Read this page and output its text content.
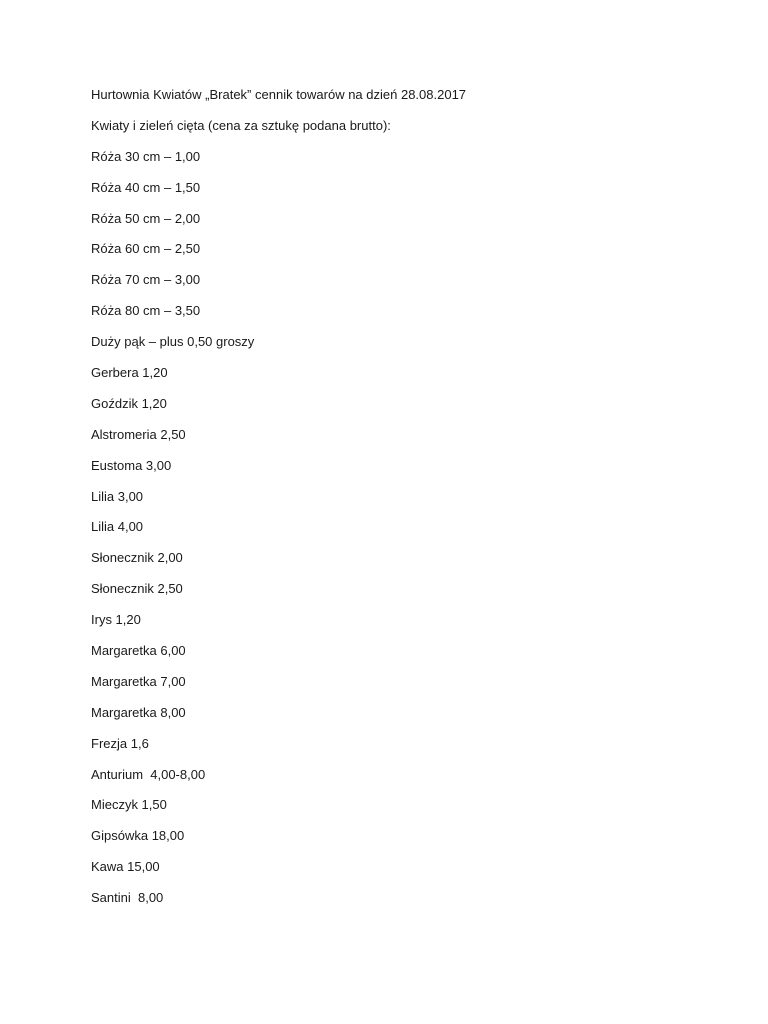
Hurtownia Kwiatów „Bratek” cennik towarów na dzień 28.08.2017
Kwiaty i zieleń cięta (cena za sztukę podana brutto):
Róża 30 cm – 1,00
Róża 40 cm – 1,50
Róża 50 cm – 2,00
Róża 60 cm – 2,50
Róża 70 cm – 3,00
Róża 80 cm – 3,50
Duży pąk – plus 0,50 groszy
Gerbera 1,20
Goździk 1,20
Alstromeria 2,50
Eustoma 3,00
Lilia 3,00
Lilia 4,00
Słonecznik 2,00
Słonecznik 2,50
Irys 1,20
Margaretka 6,00
Margaretka 7,00
Margaretka 8,00
Frezja 1,6
Anturium  4,00-8,00
Mieczyk 1,50
Gipsówka 18,00
Kawa 15,00
Santini  8,00
